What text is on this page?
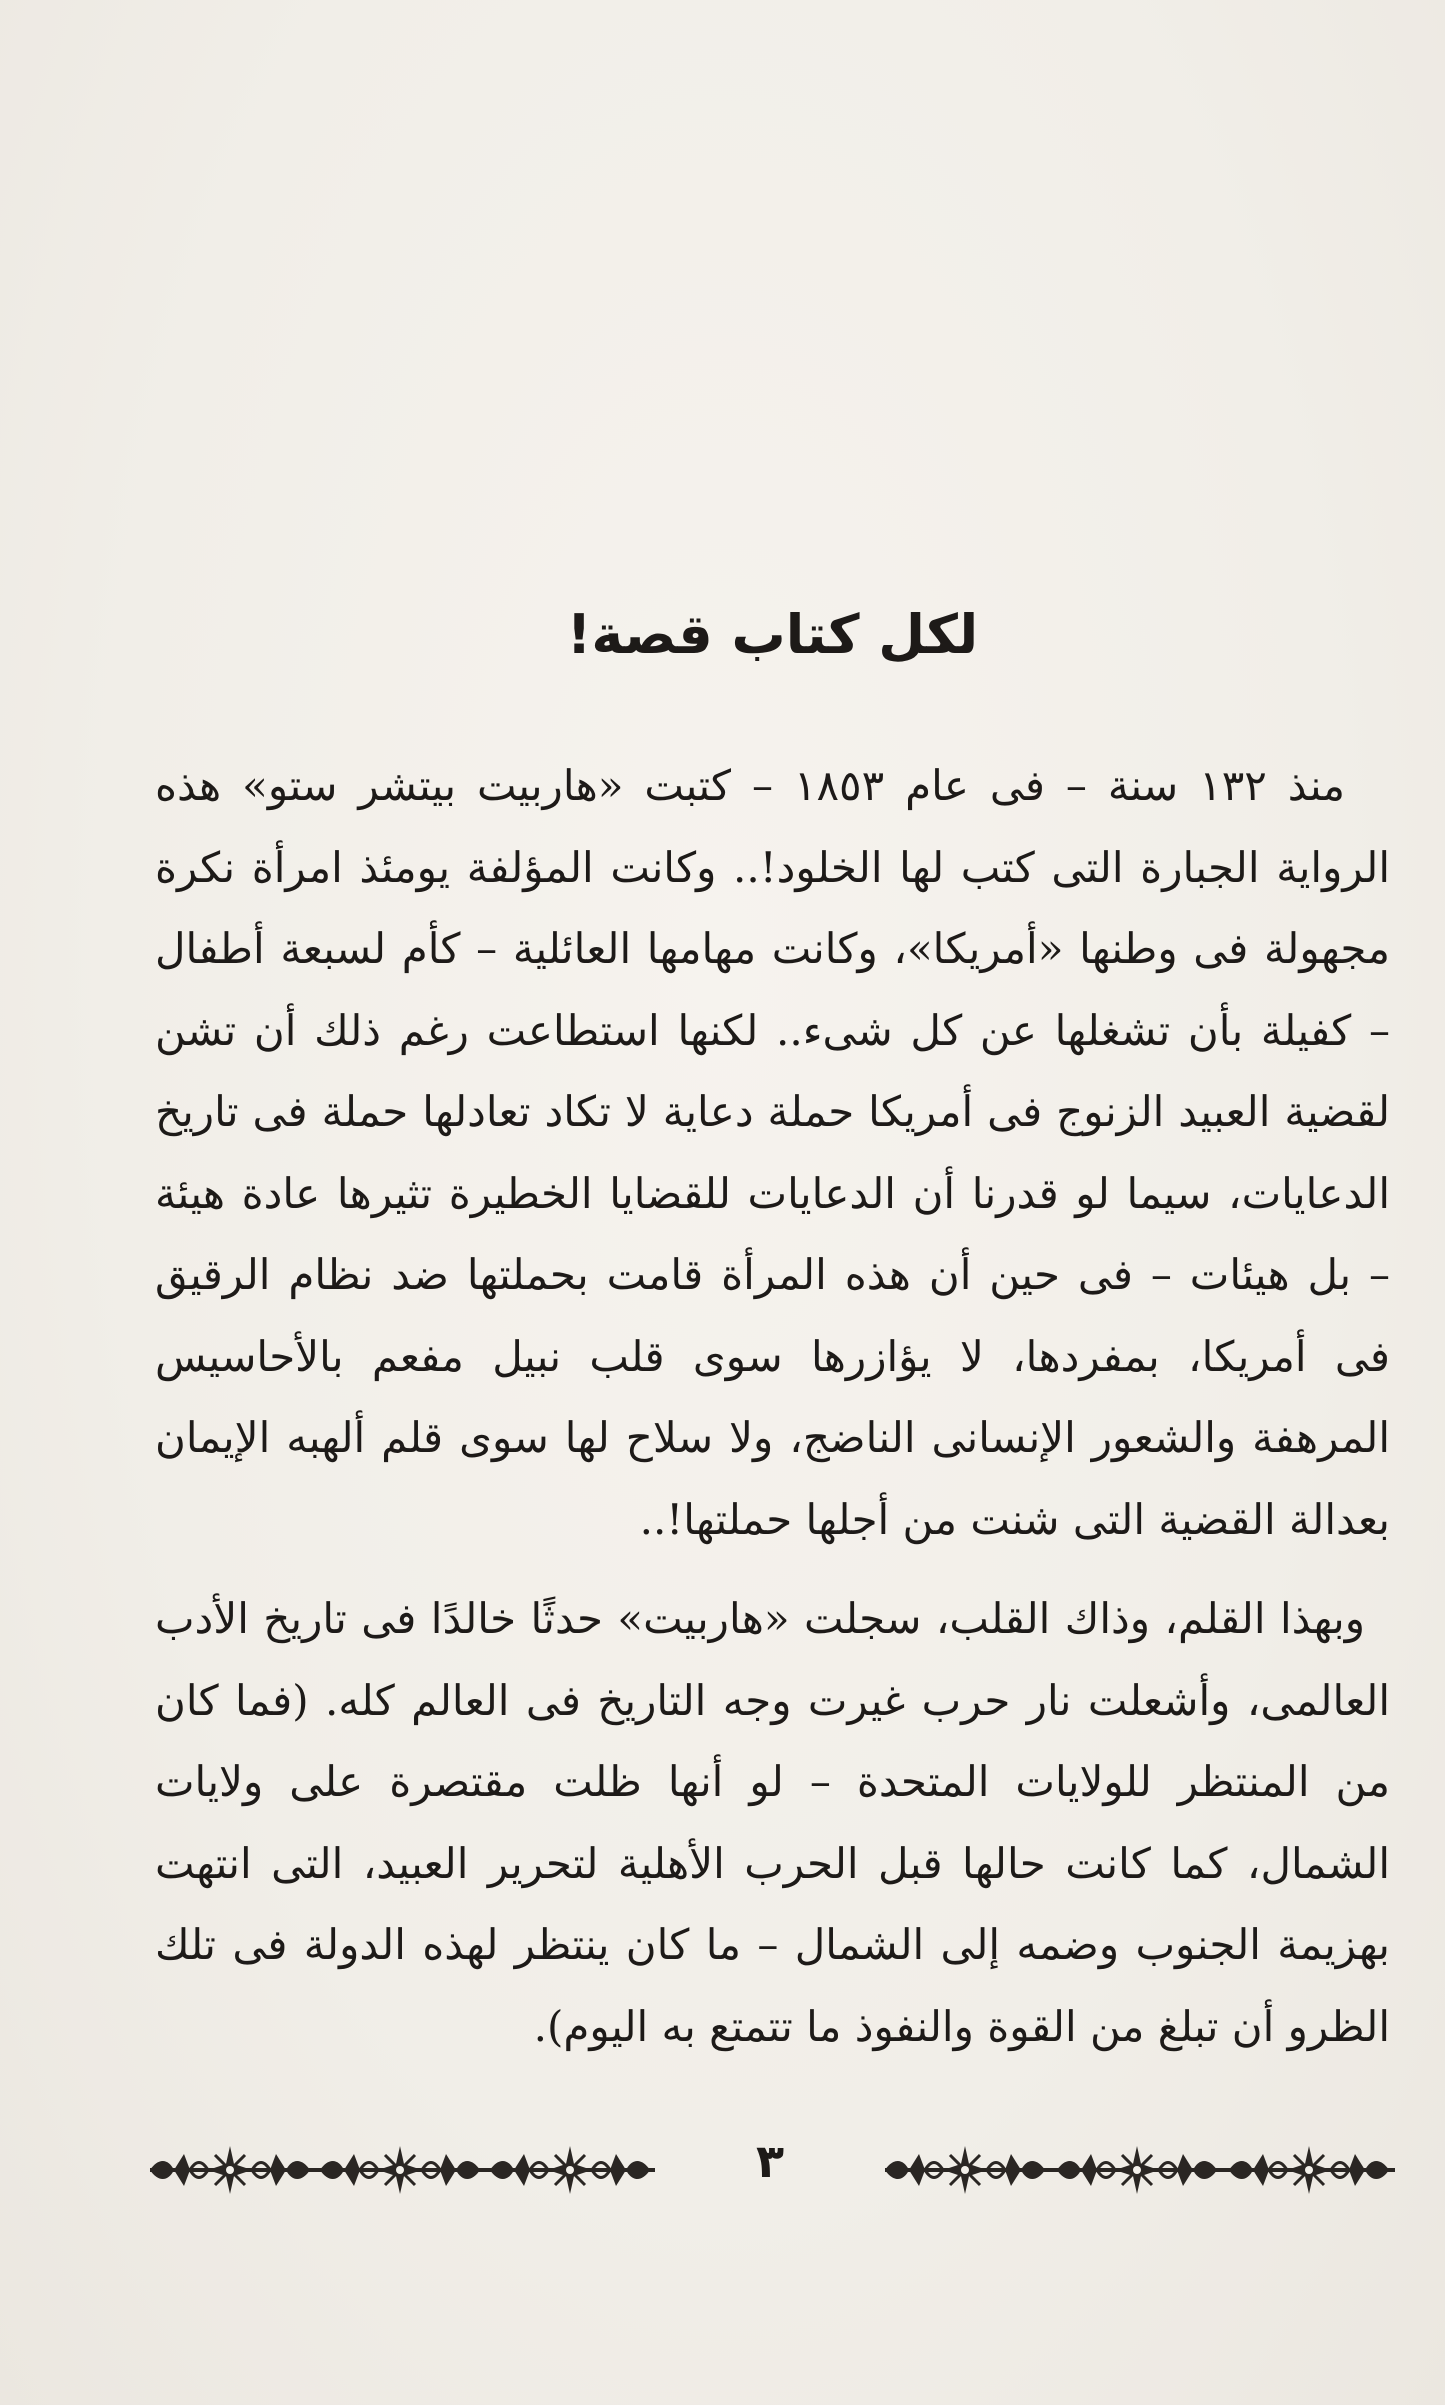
لكل كتاب قصة!

منذ ١٣٢ سنة – فى عام ١٨٥٣ – كتبت «هاربيت بيتشر ستو» هذه الرواية الجبارة التى كتب لها الخلود!.. وكانت المؤلفة يومئذ امرأة نكرة مجهولة فى وطنها «أمريكا»، وكانت مهامها العائلية – كأم لسبعة أطفال – كفيلة بأن تشغلها عن كل شىء.. لكنها استطاعت رغم ذلك أن تشن لقضية العبيد الزنوج فى أمريكا حملة دعاية لا تكاد تعادلها حملة فى تاريخ الدعايات، سيما لو قدرنا أن الدعايات للقضايا الخطيرة تثيرها عادة هيئة – بل هيئات – فى حين أن هذه المرأة قامت بحملتها ضد نظام الرقيق فى أمريكا، بمفردها، لا يؤازرها سوى قلب نبيل مفعم بالأحاسيس المرهفة والشعور الإنسانى الناضج، ولا سلاح لها سوى قلم ألهبه الإيمان بعدالة القضية التى شنت من أجلها حملتها!..

وبهذا القلم، وذاك القلب، سجلت «هاربيت» حدثًا خالدًا فى تاريخ الأدب العالمى، وأشعلت نار حرب غيرت وجه التاريخ فى العالم كله. (فما كان من المنتظر للولايات المتحدة – لو أنها ظلت مقتصرة على ولايات الشمال، كما كانت حالها قبل الحرب الأهلية لتحرير العبيد، التى انتهت بهزيمة الجنوب وضمه إلى الشمال – ما كان ينتظر لهذه الدولة فى تلك الظرو أن تبلغ من القوة والنفوذ ما تتمتع به اليوم).

٣
